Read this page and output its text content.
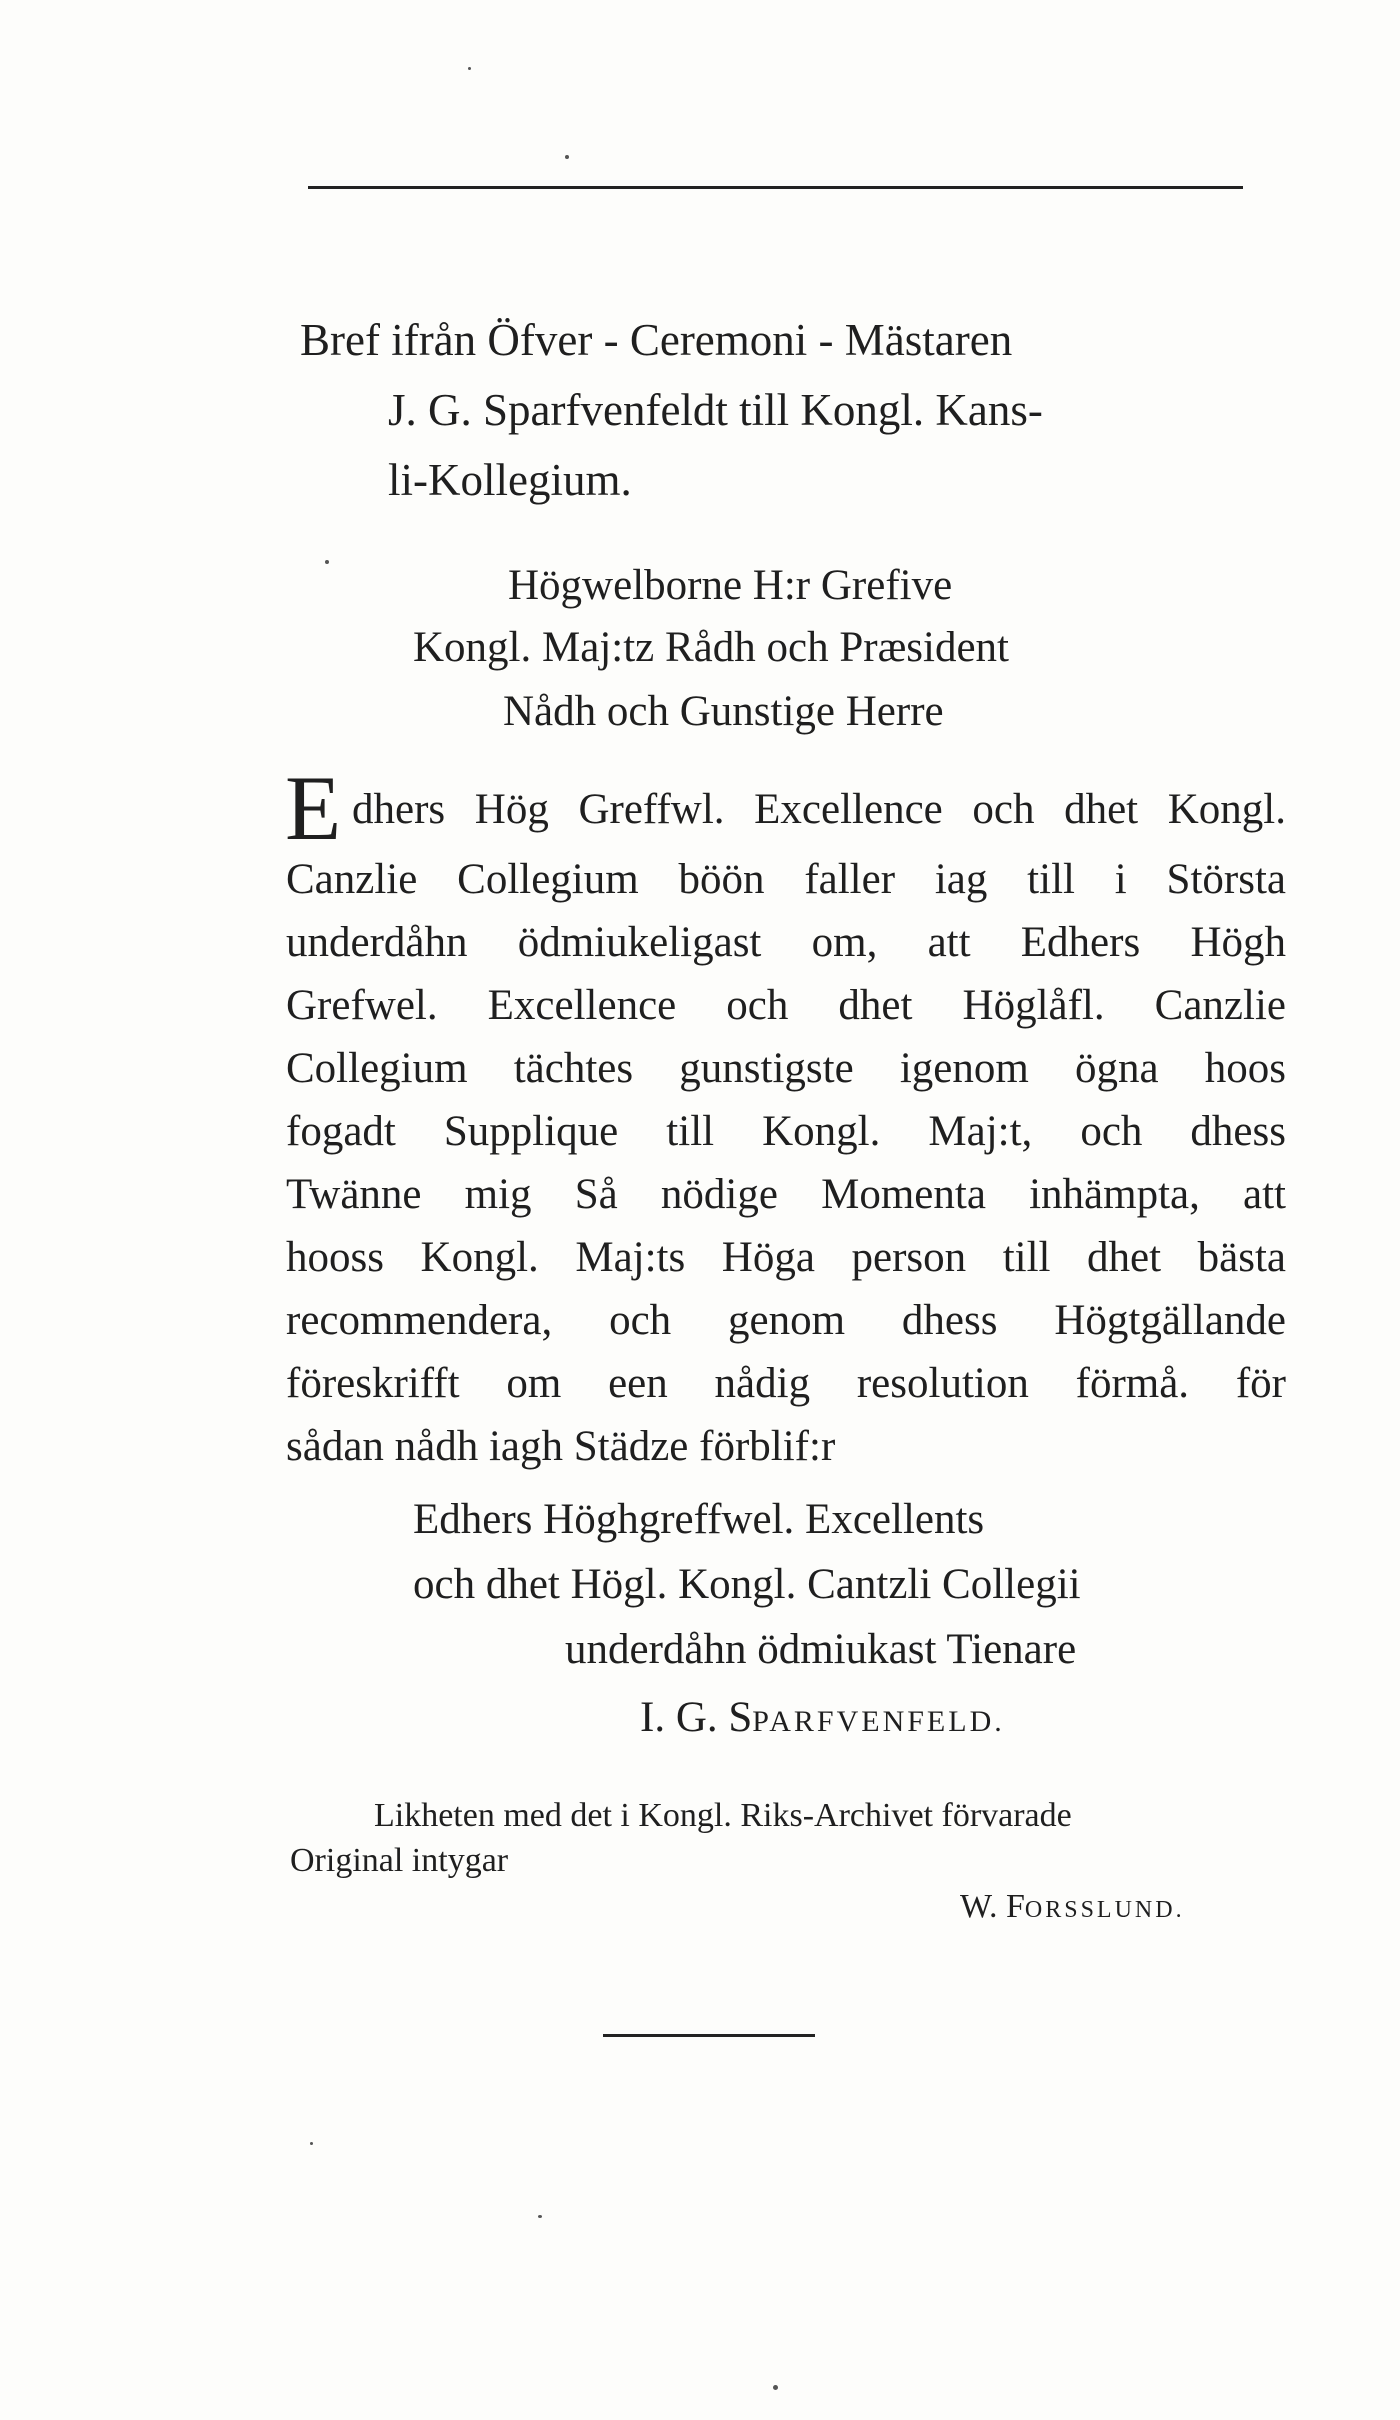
Bref ifrån Öfver - Ceremoni - Mästaren
J. G. Sparfvenfeldt till Kongl. Kans-
li-Kollegium.
Högwelborne H:r Grefive
Kongl. Maj:tz Rådh och Præsident
Nådh och Gunstige Herre
E dhers Hög Greffwl. Excellence och dhet Kongl.
Canzlie Collegium böön faller iag till i Största
underdåhn ödmiukeligast om, att Edhers Högh
Grefwel. Excellence och dhet Höglåfl. Canzlie
Collegium tächtes gunstigste igenom ögna hoos
fogadt Supplique till Kongl. Maj:t, och dhess
Twänne mig Så nödige Momenta inhämpta, att
hooss Kongl. Maj:ts Höga person till dhet bästa
recommendera, och genom dhess Högtgällande
föreskrifft om een nådig resolution förmå. för
sådan nådh iagh Städze förblif:r
Edhers Höghgreffwel. Excellents
och dhet Högl. Kongl. Cantzli Collegii
underdåhn ödmiukast Tienare
I. G. SPARFVENFELD.
Likheten med det i Kongl. Riks-Archivet förvarade
Original intygar
W. FORSSLUND.
